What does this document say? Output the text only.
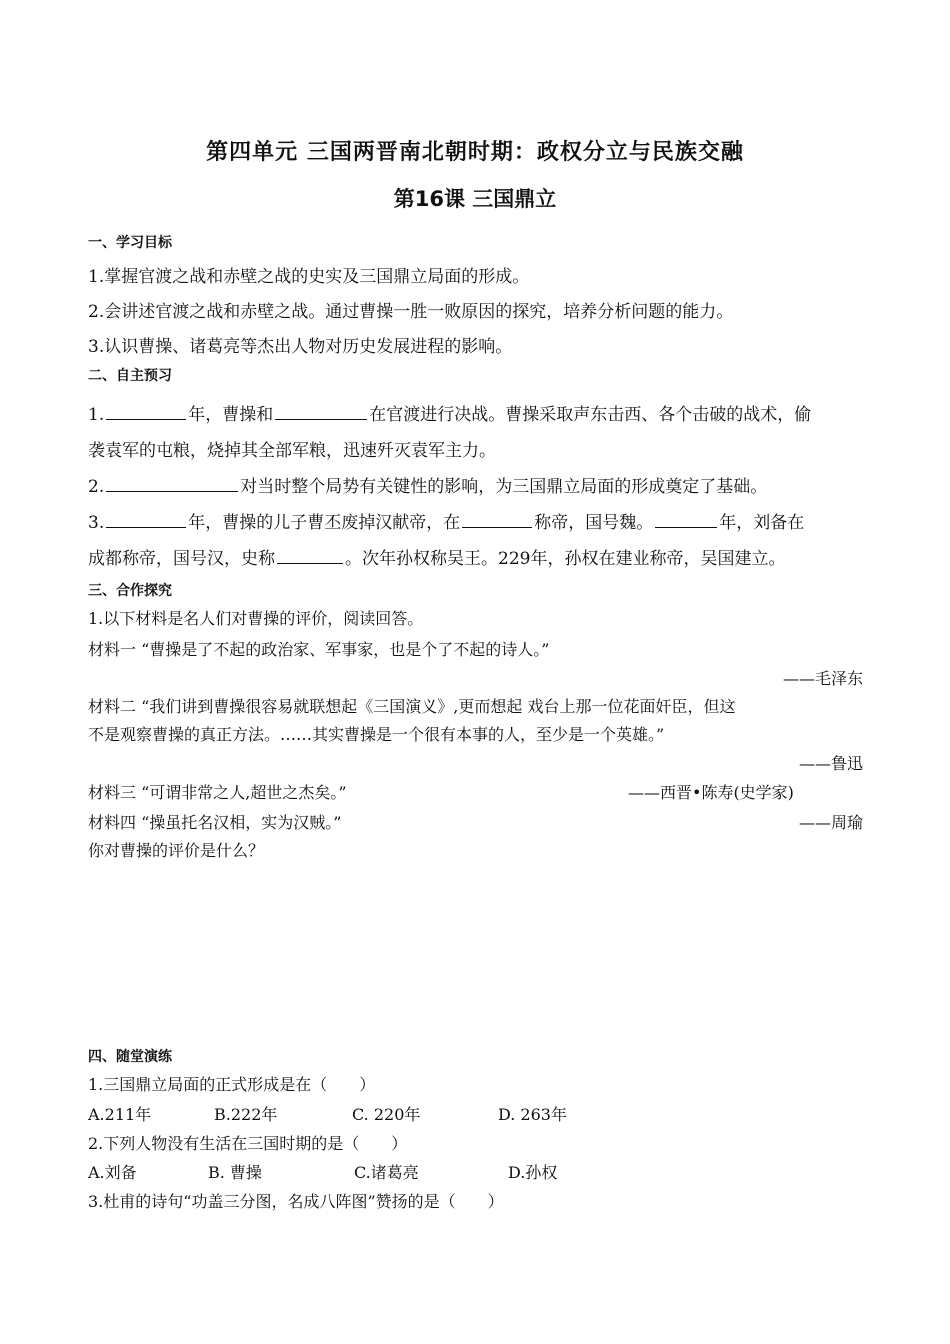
第四单元 三国两晋南北朝时期：政权分立与民族交融
第16课 三国鼎立
一、学习目标
1.掌握官渡之战和赤壁之战的史实及三国鼎立局面的形成。
2.会讲述官渡之战和赤壁之战。通过曹操一胜一败原因的探究，培养分析问题的能力。
3.认识曹操、诸葛亮等杰出人物对历史发展进程的影响。
二、自主预习
1.	年，曹操和	在官渡进行决战。曹操采取声东击西、各个击破的战术，偷
袭袁军的屯粮，烧掉其全部军粮，迅速歼灭袁军主力。
2.	对当时整个局势有关键性的影响，为三国鼎立局面的形成奠定了基础。
3.	年，曹操的儿子曹丕废掉汉献帝，在	称帝，国号魏。	年，刘备在
成都称帝，国号汉，史称	。次年孙权称吴王。229年，孙权在建业称帝，吴国建立。
三、合作探究
1.以下材料是名人们对曹操的评价，阅读回答。
材料一 “曹操是了不起的政治家、军事家，也是个了不起的诗人。”
——毛泽东
材料二 “我们讲到曹操很容易就联想起《三国演义》,更而想起 戏台上那一位花面奸臣，但这
不是观察曹操的真正方法。……其实曹操是一个很有本事的人，至少是一个英雄。”
——鲁迅
材料三 “可谓非常之人,超世之杰矣。”	——西晋•陈寿(史学家)
材料四 “操虽托名汉相，实为汉贼。”	——周瑜
你对曹操的评价是什么？
四、随堂演练
1.三国鼎立局面的正式形成是在（　　）
A.211年	B.222年	C. 220年	D. 263年
2.下列人物没有生活在三国时期的是（　　）
A.刘备	B. 曹操	C.诸葛亮	D.孙权
3.杜甫的诗句“功盖三分图，名成八阵图”赞扬的是（　　）
